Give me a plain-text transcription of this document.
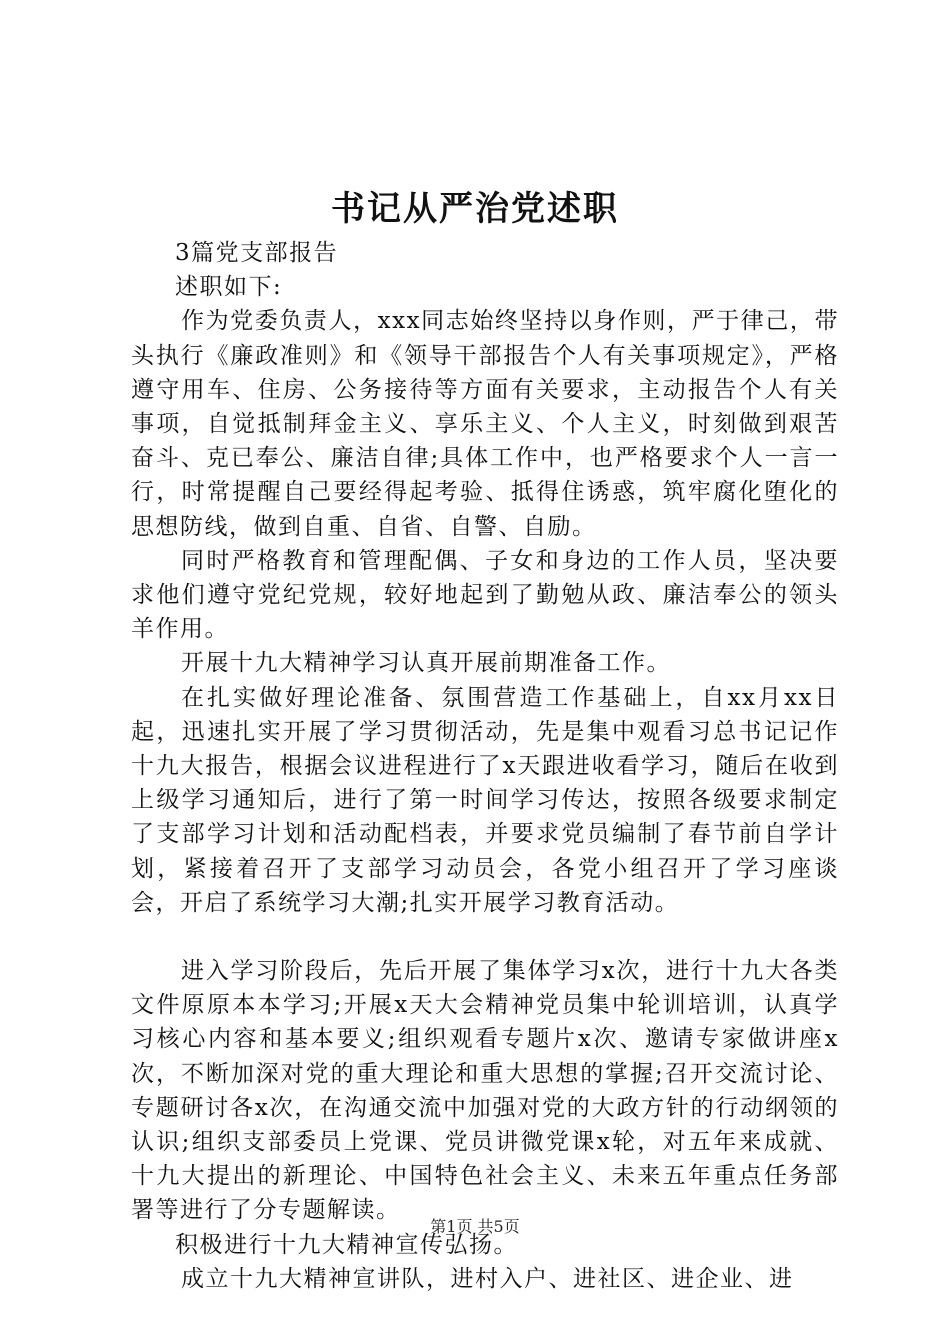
书记从严治党述职

3篇党支部报告

述职如下:

作为党委负责人，xxx同志始终坚持以身作则，严于律己，带头执行《廉政准则》和《领导干部报告个人有关事项规定》，严格遵守用车、住房、公务接待等方面有关要求，主动报告个人有关事项，自觉抵制拜金主义、享乐主义、个人主义，时刻做到艰苦奋斗、克已奉公、廉洁自律;具体工作中，也严格要求个人一言一行，时常提醒自己要经得起考验、抵得住诱惑，筑牢腐化堕化的思想防线，做到自重、自省、自警、自励。

同时严格教育和管理配偶、子女和身边的工作人员，坚决要求他们遵守党纪党规，较好地起到了勤勉从政、廉洁奉公的领头羊作用。

开展十九大精神学习认真开展前期准备工作。

在扎实做好理论准备、氛围营造工作基础上，自xx月xx日起，迅速扎实开展了学习贯彻活动，先是集中观看习总书记记作十九大报告，根据会议进程进行了x天跟进收看学习，随后在收到上级学习通知后，进行了第一时间学习传达，按照各级要求制定了支部学习计划和活动配档表，并要求党员编制了春节前自学计划，紧接着召开了支部学习动员会，各党小组召开了学习座谈会，开启了系统学习大潮;扎实开展学习教育活动。

进入学习阶段后，先后开展了集体学习x次，进行十九大各类文件原原本本学习;开展x天大会精神党员集中轮训培训，认真学习核心内容和基本要义;组织观看专题片x次、邀请专家做讲座x次，不断加深对党的重大理论和重大思想的掌握;召开交流讨论、专题研讨各x次，在沟通交流中加强对党的大政方针的行动纲领的认识;组织支部委员上党课、党员讲微党课x轮，对五年来成就、十九大提出的新理论、中国特色社会主义、未来五年重点任务部署等进行了分专题解读。

积极进行十九大精神宣传弘扬。

成立十九大精神宣讲队，进村入户、进社区、进企业、进

第1页 共5页
